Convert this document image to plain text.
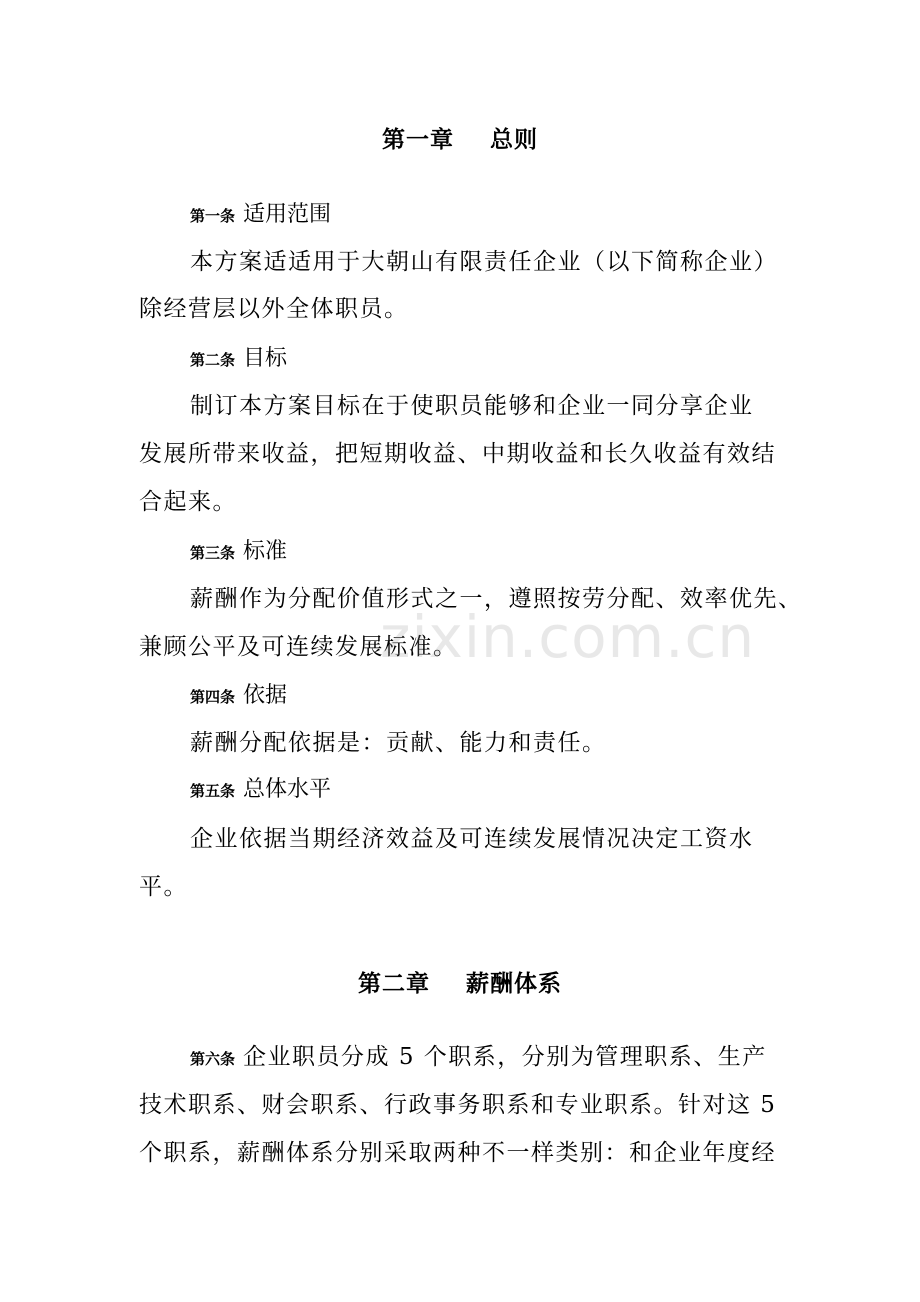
第一章    总则
第一条 适用范围
本方案适适用于大朝山有限责任企业（以下简称企业）
除经营层以外全体职员。
第二条 目标
制订本方案目标在于使职员能够和企业一同分享企业
发展所带来收益，把短期收益、中期收益和长久收益有效结
合起来。
第三条 标准
薪酬作为分配价值形式之一，遵照按劳分配、效率优先、
兼顾公平及可连续发展标准。
第四条 依据
薪酬分配依据是：贡献、能力和责任。
第五条 总体水平
企业依据当期经济效益及可连续发展情况决定工资水
平。
第二章    薪酬体系
第六条 企业职员分成 5 个职系，分别为管理职系、生产
技术职系、财会职系、行政事务职系和专业职系。针对这 5
个职系，薪酬体系分别采取两种不一样类别：和企业年度经
zixin.com.cn
